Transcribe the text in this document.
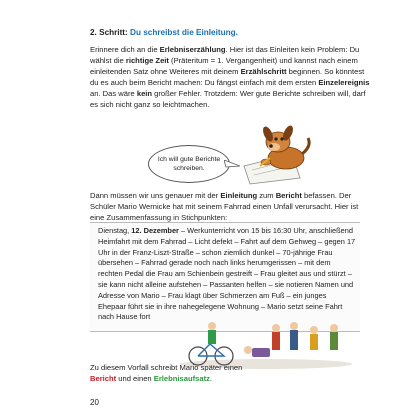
2. Schritt: Du schreibst die Einleitung.

Erinnere dich an die Erlebniserzählung. Hier ist das Einleiten kein Problem: Du wählst die richtige Zeit (Präteritum = 1. Vergangenheit) und kannst nach einem einleitenden Satz ohne Weiteres mit deinem Erzählschritt beginnen. So könntest du es auch beim Bericht machen: Du fängst einfach mit dem ersten Einzelereignis an. Das wäre kein großer Fehler. Trotzdem: Wer gute Berichte schreiben will, darf es sich nicht ganz so leichtmachen.

Ich will gute Berichte schreiben.

Dann müssen wir uns genauer mit der Einleitung zum Bericht befassen. Der Schüler Mario Wernicke hat mit seinem Fahrrad einen Unfall verursacht. Hier ist eine Zusammenfassung in Stichpunkten:

Dienstag, 12. Dezember – Werkunterricht von 15 bis 16:30 Uhr, anschließend Heimfahrt mit dem Fahrrad – Licht defekt – Fahrt auf dem Gehweg – gegen 17 Uhr in der Franz-Liszt-Straße – schon ziemlich dunkel – 70-jährige Frau übersehen – Fahrrad gerade noch nach links herumgerissen – mit dem rechten Pedal die Frau am Schienbein gestreift – Frau gleitet aus und stürzt – sie kann nicht alleine aufstehen – Passanten helfen – sie notieren Namen und Adresse von Mario – Frau klagt über Schmerzen am Fuß – ein junges Ehepaar führt sie in ihre nahegelegene Wohnung – Mario setzt seine Fahrt nach Hause fort

Zu diesem Vorfall schreibt Mario später einen Bericht und einen Erlebnisaufsatz.

20
